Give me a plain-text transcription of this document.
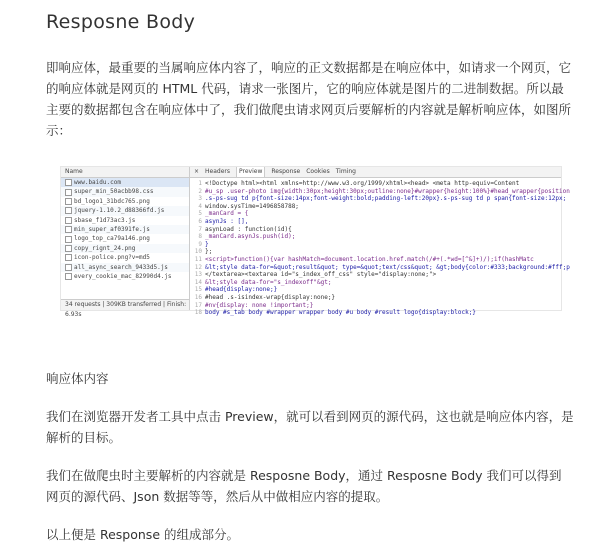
Resposne Body

即响应体，最重要的当属响应体内容了，响应的正文数据都是在响应体中，如请求一个网页，它的响应体就是网页的 HTML 代码，请求一张图片，它的响应体就是图片的二进制数据。所以最主要的数据都包含在响应体中了，我们做爬虫请求网页后要解析的内容就是解析响应体，如图所示：

Name
www.baidu.com
super_min_50acbb98.css
bd_logo1_31bdc765.png
jquery-1.10.2_d88366fd.js
sbase_f1d73ac3.js
min_super_af0391fe.js
logo_top_ca79a146.png
copy_rignt_24.png
icon-police.png?v=md5
all_async_search_9433d5.js
every_cookie_mac_82990d4.js
34 requests | 309KB transferred | Finish: 6.93s
× Headers	Preview	Response Cookies Timing
1 <!Doctype html><html xmlns=http://www.w3.org/1999/xhtml><head> <meta http-equiv=Content
2 #u_sp .user-photo img{width:30px;height:30px;outline:none}#wrapper{height:100%}#head_wrapper{position
3 .s-ps-sug td p{font-size:14px;font-weight:bold;padding-left:20px}.s-ps-sug td p span{font-size:12px;
4 window.sysTime=1496858788;
5 _manCard = {
6 asynJs : [],
7 asynLoad : function(id){
8 _manCard.asynJs.push(id);
9 }
10 };
11 <script>function(){var hashMatch=document.location.href.match(/#+(.*wd=[^&]+)/);if(hashMatc
12 &lt;style data-for=&quot;result&quot; type=&quot;text/css&quot; &gt;body{color:#333;background:#fff;p
13 </textarea><textarea id="s_index_off_css" style="display:none;">
14 &lt;style data-for="s_indexoff"&gt;
15 #head{display:none;}
16 #head .s-isindex-wrap{display:none;}
17 #nv{display: none !important;}
18 body #s_tab body #wrapper wrapper body #u body #result logo{display:block;}
响应体内容

我们在浏览器开发者工具中点击 Preview，就可以看到网页的源代码，这也就是响应体内容，是解析的目标。

我们在做爬虫时主要解析的内容就是 Resposne Body，通过 Resposne Body 我们可以得到网页的源代码、Json 数据等等，然后从中做相应内容的提取。

以上便是 Response 的组成部分。
